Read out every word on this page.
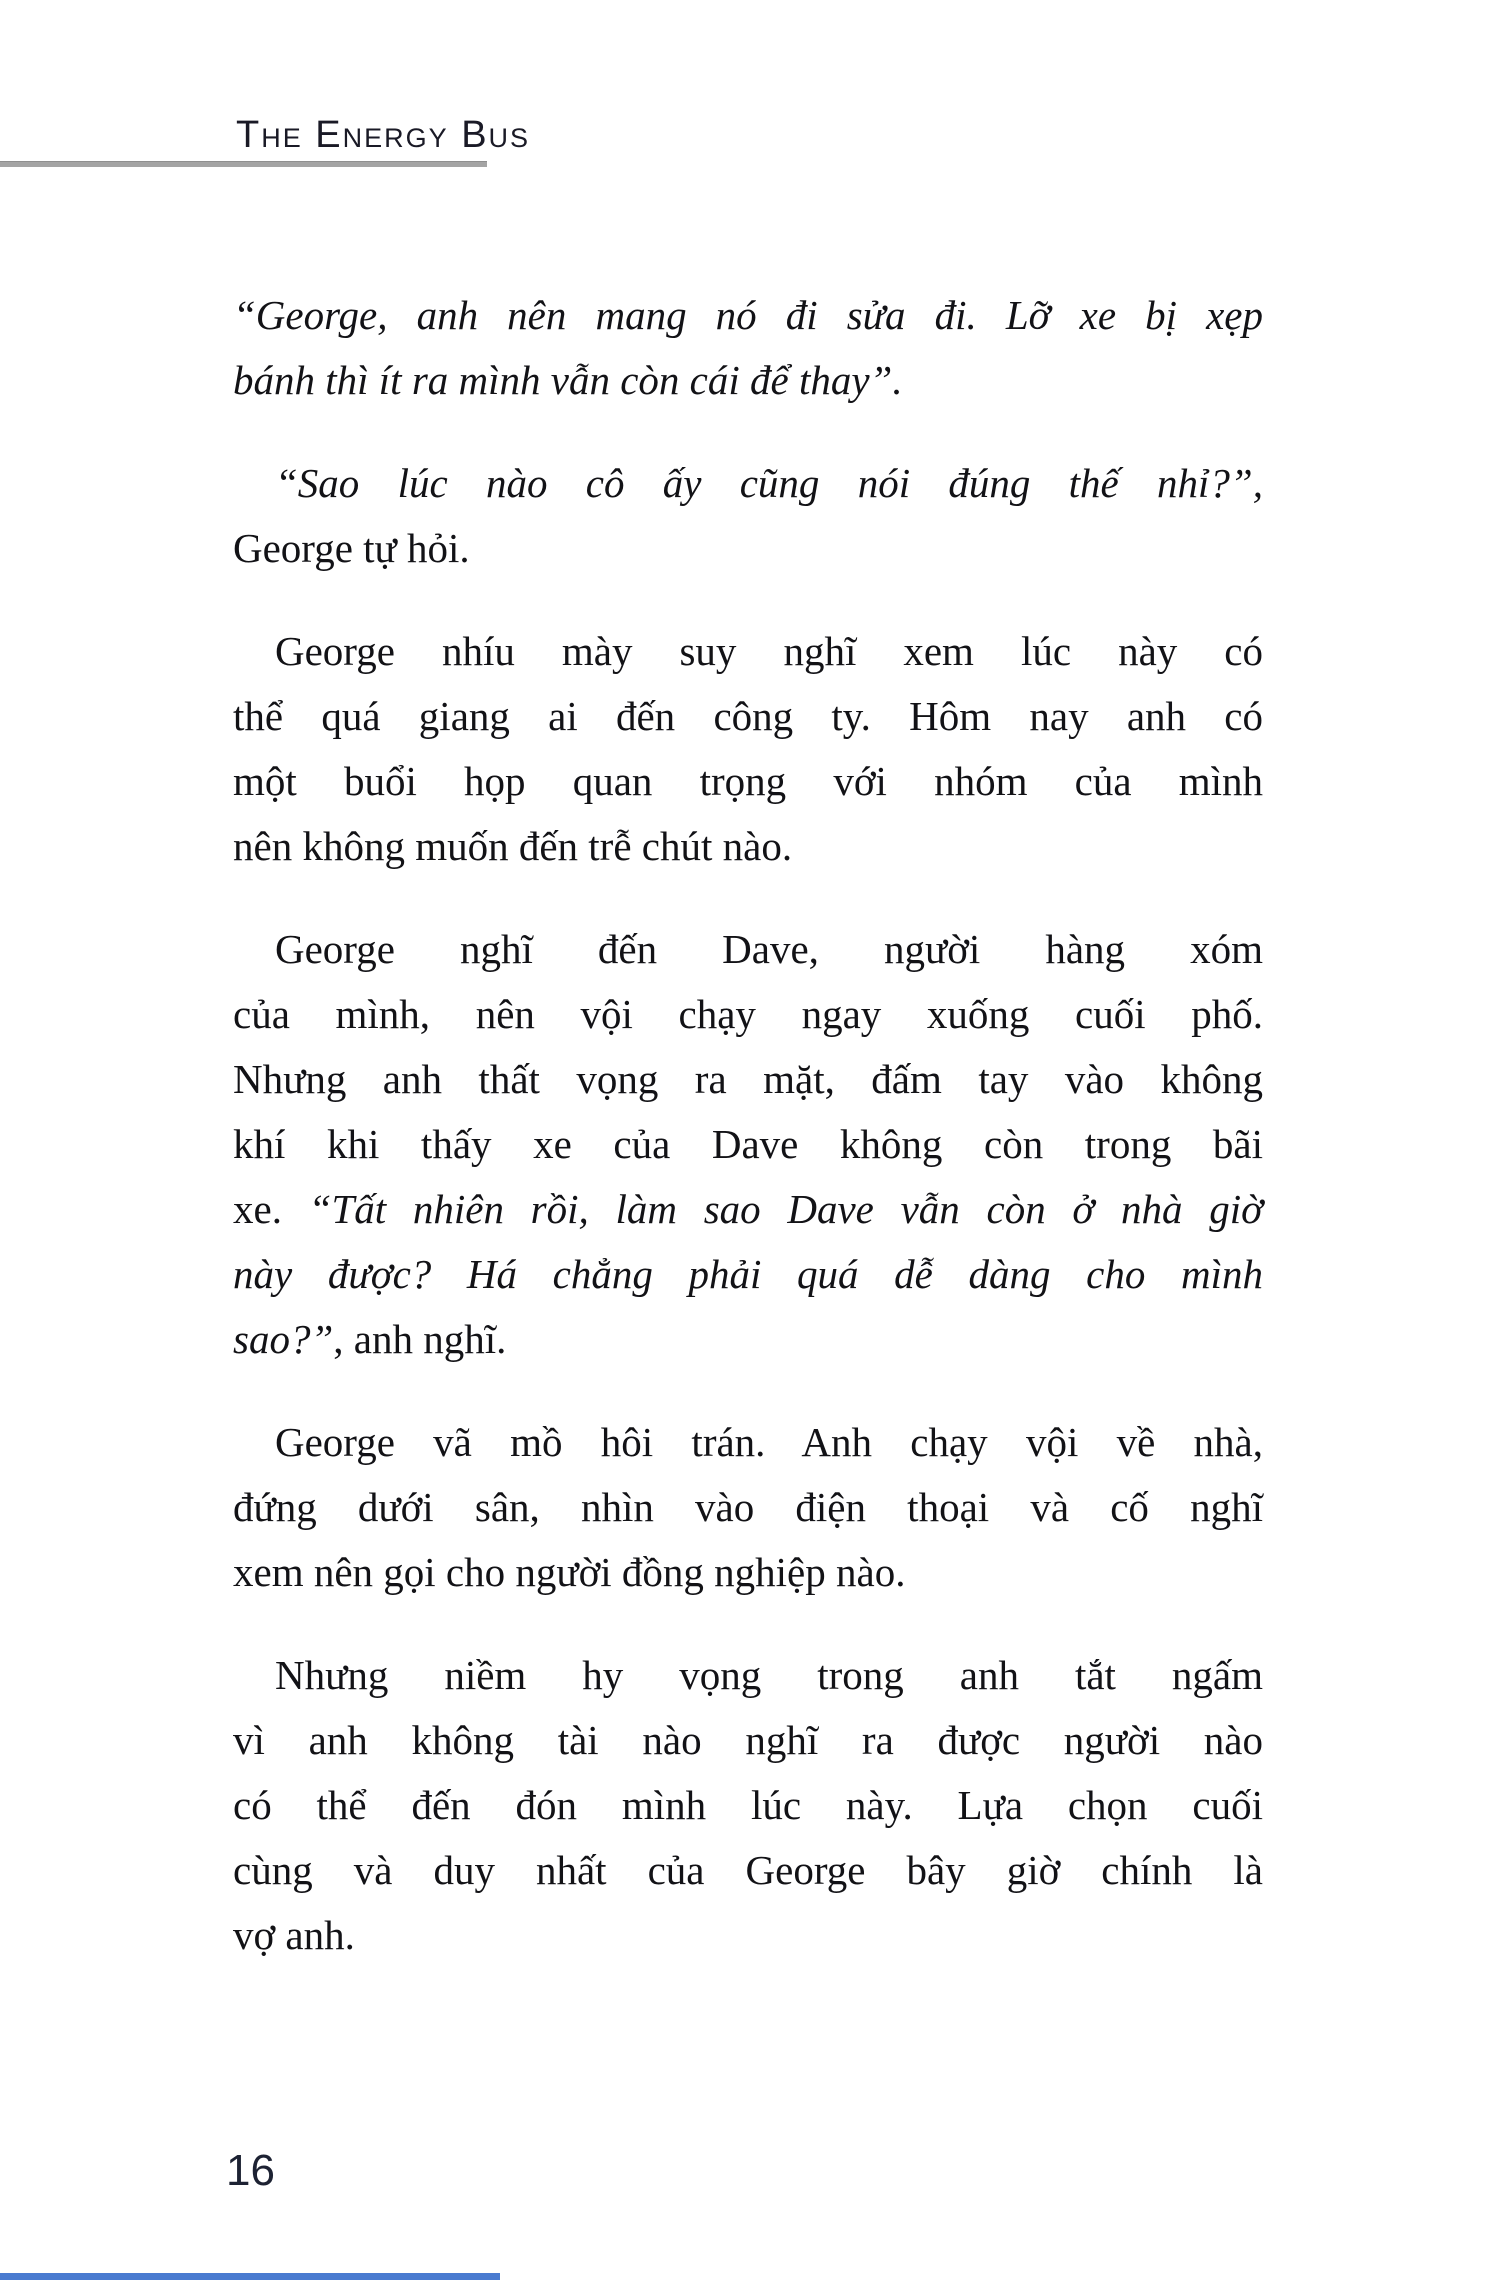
The Energy Bus
“George, anh nên mang nó đi sửa đi. Lỡ xe bị xẹp
bánh thì ít ra mình vẫn còn cái để thay”.
“Sao lúc nào cô ấy cũng nói đúng thế nhỉ?”,
George tự hỏi.
George nhíu mày suy nghĩ xem lúc này có
thể quá giang ai đến công ty. Hôm nay anh có
một buổi họp quan trọng với nhóm của mình
nên không muốn đến trễ chút nào.
George nghĩ đến Dave, người hàng xóm
của mình, nên vội chạy ngay xuống cuối phố.
Nhưng anh thất vọng ra mặt, đấm tay vào không
khí khi thấy xe của Dave không còn trong bãi
xe. “Tất nhiên rồi, làm sao Dave vẫn còn ở nhà giờ
này được? Há chẳng phải quá dễ dàng cho mình
sao?”, anh nghĩ.
George vã mồ hôi trán. Anh chạy vội về nhà,
đứng dưới sân, nhìn vào điện thoại và cố nghĩ
xem nên gọi cho người đồng nghiệp nào.
Nhưng niềm hy vọng trong anh tắt ngấm
vì anh không tài nào nghĩ ra được người nào
có thể đến đón mình lúc này. Lựa chọn cuối
cùng và duy nhất của George bây giờ chính là
vợ anh.
16
